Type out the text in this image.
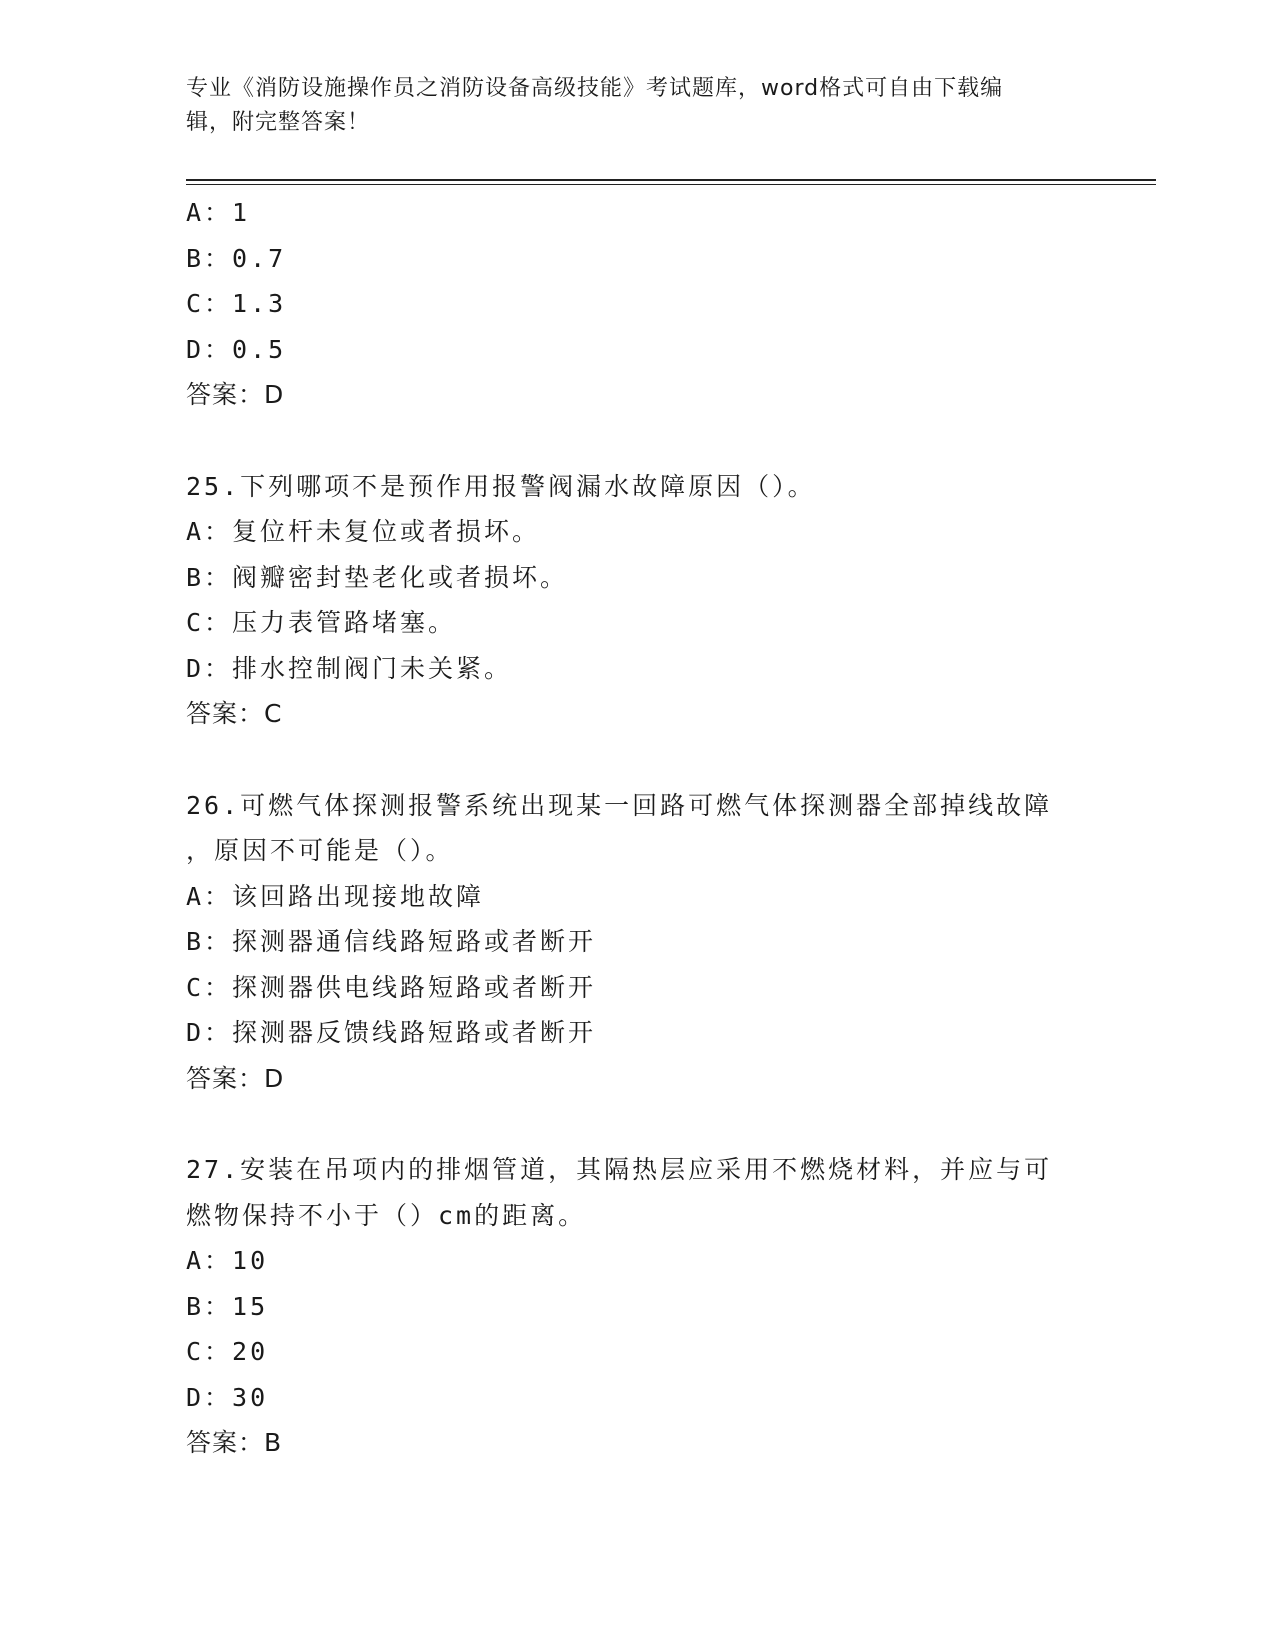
专业《消防设施操作员之消防设备高级技能》考试题库，word格式可自由下载编
辑，附完整答案！
A：1
B：0.7
C：1.3
D：0.5
答案：D
25.下列哪项不是预作用报警阀漏水故障原因（）。
A：复位杆未复位或者损坏。
B：阀瓣密封垫老化或者损坏。
C：压力表管路堵塞。
D：排水控制阀门未关紧。
答案：C
26.可燃气体探测报警系统出现某一回路可燃气体探测器全部掉线故障
，原因不可能是（）。
A：该回路出现接地故障
B：探测器通信线路短路或者断开
C：探测器供电线路短路或者断开
D：探测器反馈线路短路或者断开
答案：D
27.安装在吊项内的排烟管道，其隔热层应采用不燃烧材料，并应与可
燃物保持不小于（）cm的距离。
A：10
B：15
C：20
D：30
答案：B
